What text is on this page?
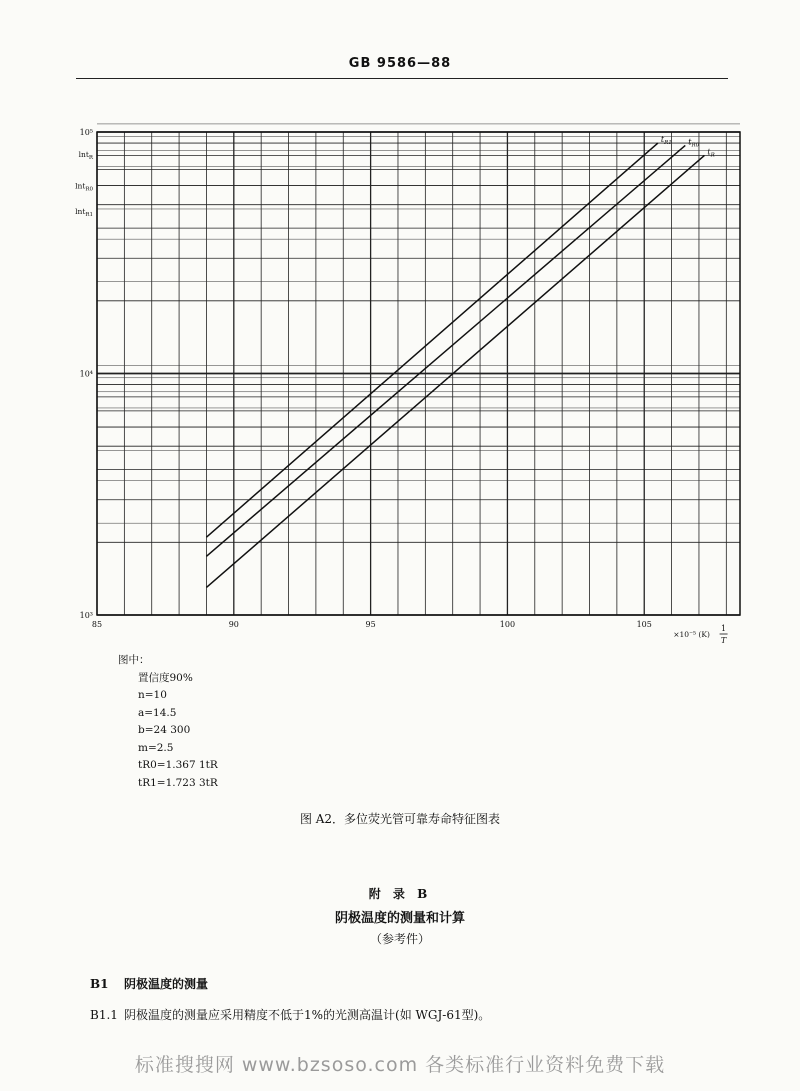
GB 9586—88
10⁵
10⁴
10³
lnt$_R$
lnt$_{R0}$
lnt$_{R1}$
85	90	95	100	105
×10⁻⁵ (K)
1
T
$t_{R1}$ $t_{R0}$
$t_R$
图中：
置信度90%
n=10
a=14.5
b=24 300
m=2.5
tR0=1.367 1tR
tR1=1.723 3tR
图 A2．多位荧光管可靠寿命特征图表
附 录 B
阴极温度的测量和计算
（参考件）
B1 阴极温度的测量
B1.1 阴极温度的测量应采用精度不低于1%的光测高温计(如 WGJ-61型)。
标准搜搜网 www.bzsoso.com 各类标准行业资料免费下载
